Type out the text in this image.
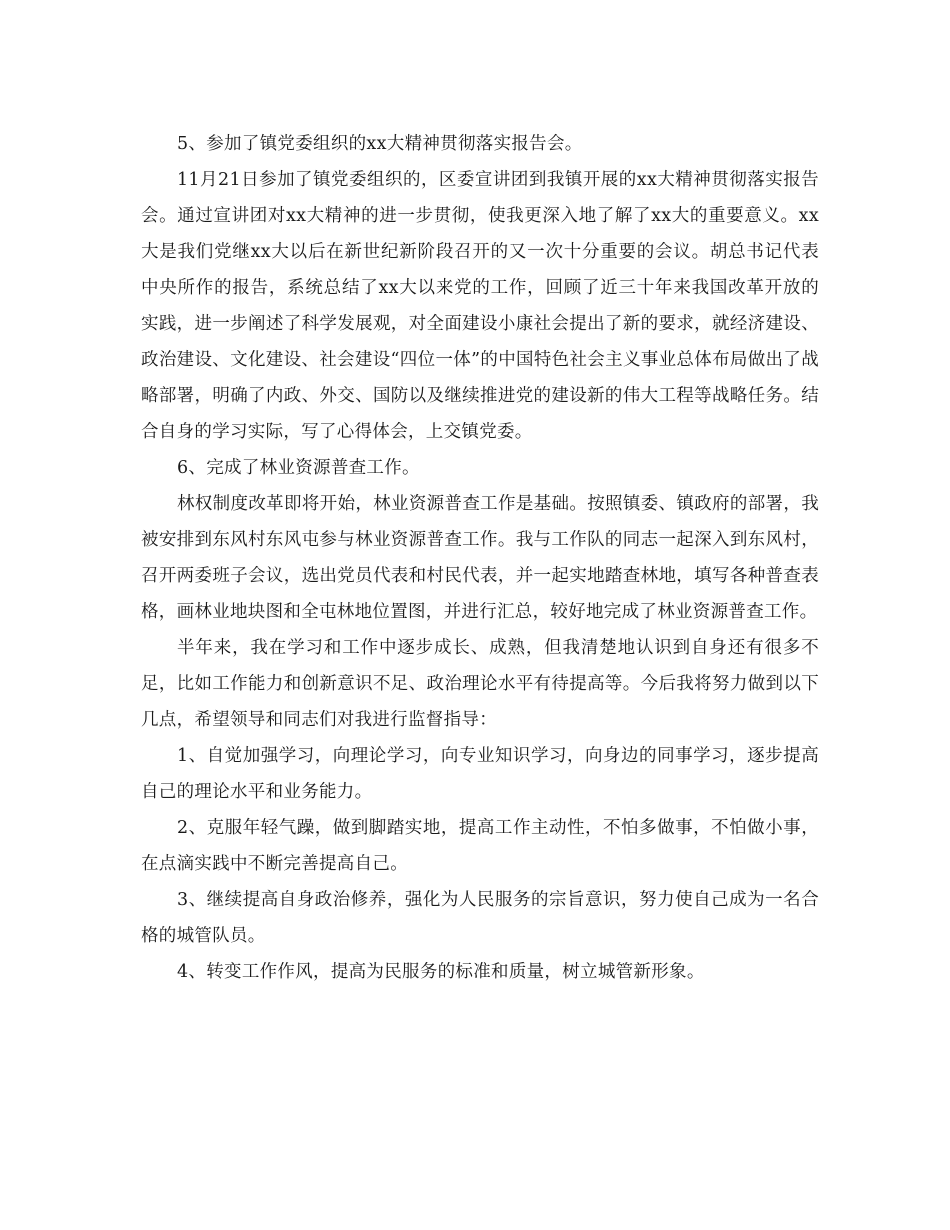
5、参加了镇党委组织的xx大精神贯彻落实报告会。

11月21日参加了镇党委组织的，区委宣讲团到我镇开展的xx大精神贯彻落实报告会。通过宣讲团对xx大精神的进一步贯彻，使我更深入地了解了xx大的重要意义。xx大是我们党继xx大以后在新世纪新阶段召开的又一次十分重要的会议。胡总书记代表中央所作的报告，系统总结了xx大以来党的工作，回顾了近三十年来我国改革开放的实践，进一步阐述了科学发展观，对全面建设小康社会提出了新的要求，就经济建设、政治建设、文化建设、社会建设“四位一体”的中国特色社会主义事业总体布局做出了战略部署，明确了内政、外交、国防以及继续推进党的建设新的伟大工程等战略任务。结合自身的学习实际，写了心得体会，上交镇党委。

6、完成了林业资源普查工作。

林权制度改革即将开始，林业资源普查工作是基础。按照镇委、镇政府的部署，我被安排到东风村东风屯参与林业资源普查工作。我与工作队的同志一起深入到东风村，召开两委班子会议，选出党员代表和村民代表，并一起实地踏查林地，填写各种普查表格，画林业地块图和全屯林地位置图，并进行汇总，较好地完成了林业资源普查工作。

半年来，我在学习和工作中逐步成长、成熟，但我清楚地认识到自身还有很多不足，比如工作能力和创新意识不足、政治理论水平有待提高等。今后我将努力做到以下几点，希望领导和同志们对我进行监督指导：

1、自觉加强学习，向理论学习，向专业知识学习，向身边的同事学习，逐步提高自己的理论水平和业务能力。

2、克服年轻气躁，做到脚踏实地，提高工作主动性，不怕多做事，不怕做小事，在点滴实践中不断完善提高自己。

3、继续提高自身政治修养，强化为人民服务的宗旨意识，努力使自己成为一名合格的城管队员。

4、转变工作作风，提高为民服务的标准和质量，树立城管新形象。
